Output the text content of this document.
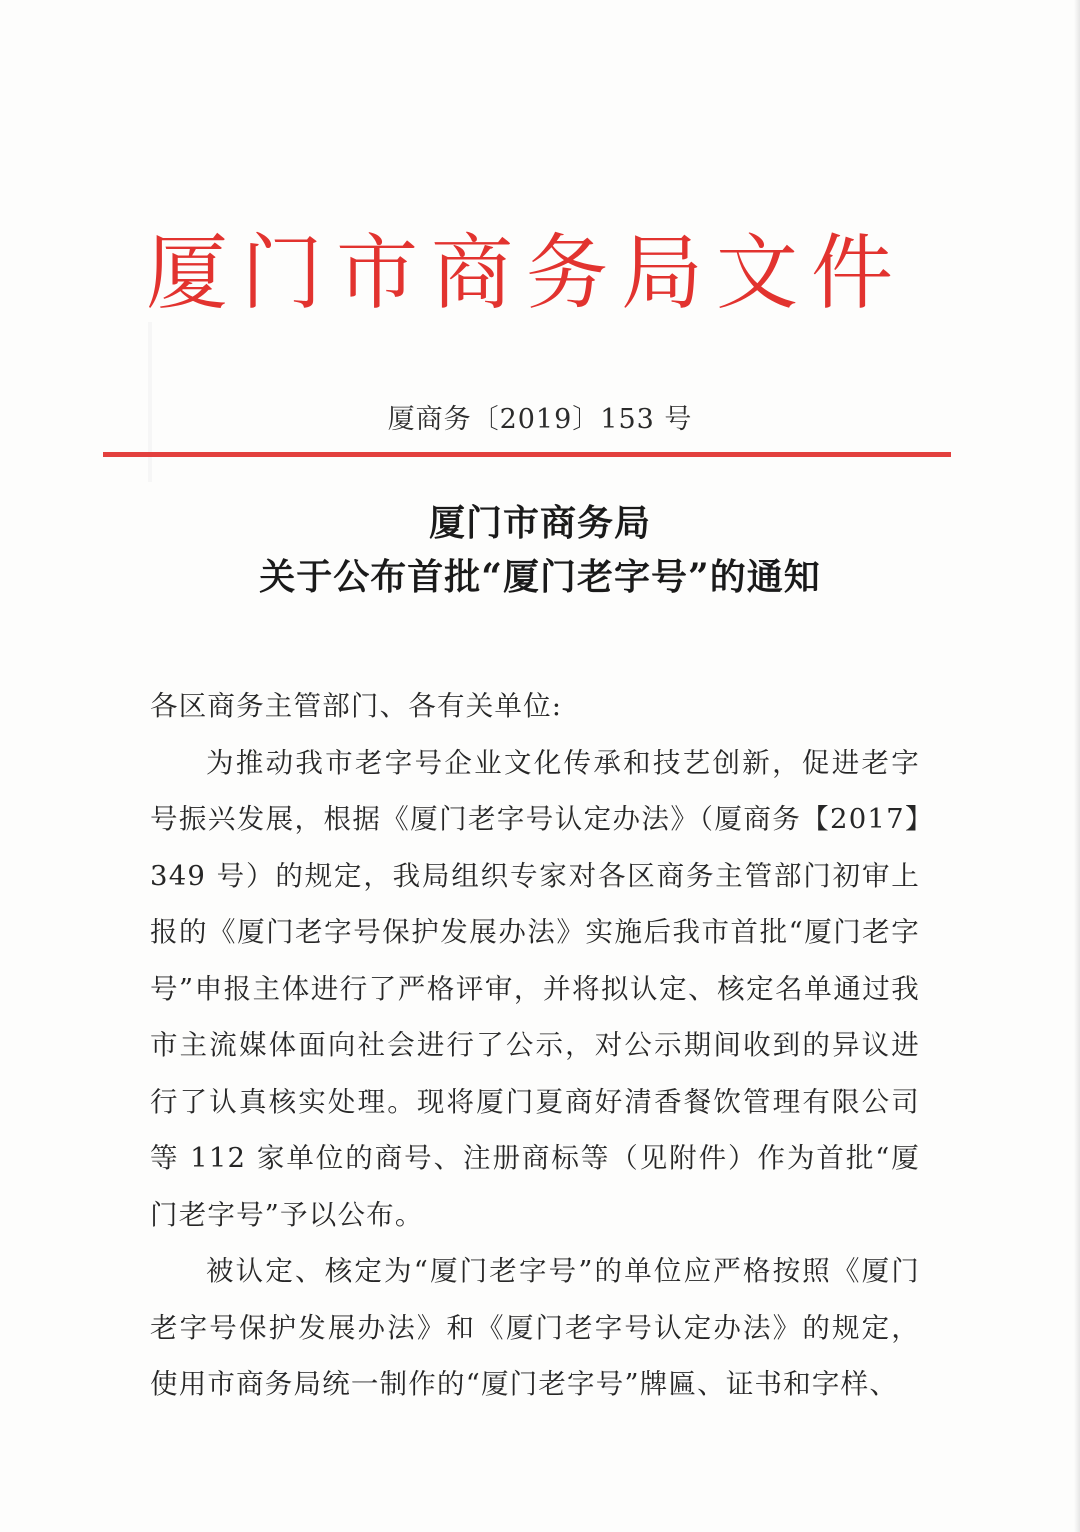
厦门市商务局文件
厦商务〔2019〕153 号
厦门市商务局
关于公布首批“厦门老字号”的通知

各区商务主管部门、各有关单位:

为推动我市老字号企业文化传承和技艺创新，促进老字号振兴发展，根据《厦门老字号认定办法》（厦商务【2017】349 号）的规定，我局组织专家对各区商务主管部门初审上报的《厦门老字号保护发展办法》实施后我市首批“厦门老字号”申报主体进行了严格评审，并将拟认定、核定名单通过我市主流媒体面向社会进行了公示，对公示期间收到的异议进行了认真核实处理。现将厦门夏商好清香餐饮管理有限公司等 112 家单位的商号、注册商标等（见附件）作为首批“厦门老字号”予以公布。

被认定、核定为“厦门老字号”的单位应严格按照《厦门老字号保护发展办法》和《厦门老字号认定办法》的规定，使用市商务局统一制作的“厦门老字号”牌匾、证书和字样、
